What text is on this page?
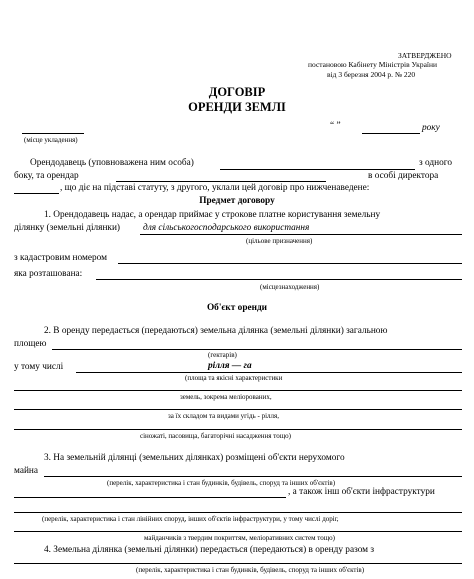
ЗАТВЕРДЖЕНО
постановою Кабінету Міністрів України
від 3 березня 2004 р. № 220
ДОГОВІР
ОРЕНДИ ЗЕМЛІ
(місце укладення)
“ ”	року
Орендодавець (уповноважена ним особа)	з одного
боку, та орендар	в особі директора
, що діє на підставі статуту, з другого, уклали цей договір про нижченаведене:
Предмет договору
1. Орендодавець надає, а орендар приймає у строкове платне користування земельну
ділянку (земельні ділянки) для сільськогосподарського використання
(цільове призначення)
з кадастровим номером
яка розташована:
(місцезнаходження)
Об'єкт оренди
2. В оренду передається (передаються) земельна ділянка (земельні ділянки) загальною
площею
(гектарів)
у тому числі	рілля — га
(площа та якісні характеристики
земель, зокрема меліорованих,
за їх складом та видами угідь - рілля,
сіножаті, пасовища, багаторічні насадження тощо)
3. На земельній ділянці (земельних ділянках) розміщені об'єкти нерухомого
майна
(перелік, характеристика і стан будинків, будівель, споруд та інших об'єктів)
, а також інш об'єкти інфраструктури
(перелік, характеристика і стан лінійних споруд, інших об'єктів інфраструктури, у тому числі доріг,
майданчиків з твердим покриттям, меліоративних систем тощо)
4. Земельна ділянка (земельні ділянки) передається (передаються) в оренду разом з
(перелік, характеристика і стан будинків, будівель, споруд та інших об'єктів)
